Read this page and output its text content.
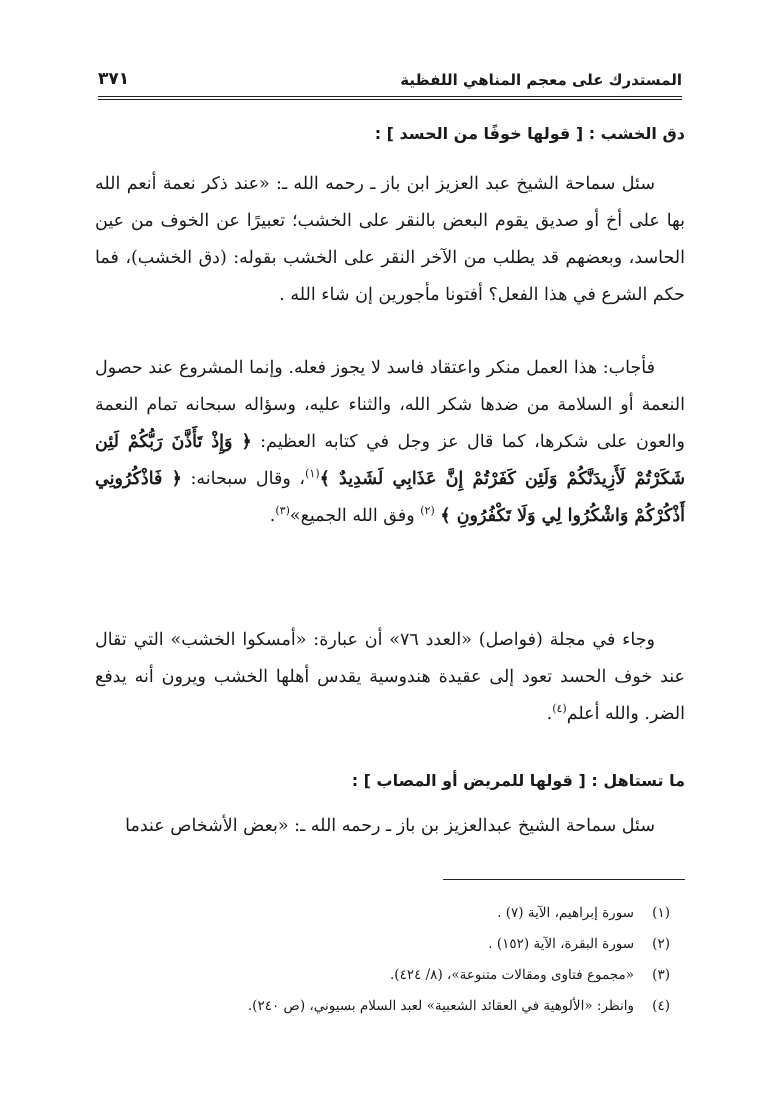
المستدرك على معجم المناهي اللفظية
٣٧١
دق الخشب : [ قولها خوفًا من الحسد ] :

سئل سماحة الشيخ عبد العزيز ابن باز ـ رحمه الله ـ: «عند ذكر نعمة أنعم الله بها على أخ أو صديق يقوم البعض بالنقر على الخشب؛ تعبيرًا عن الخوف من عين الحاسد، وبعضهم قد يطلب من الآخر النقر على الخشب بقوله: (دق الخشب)، فما حكم الشرع في هذا الفعل؟ أفتونا مأجورين إن شاء الله .

فأجاب: هذا العمل منكر واعتقاد فاسد لا يجوز فعله. وإنما المشروع عند حصول النعمة أو السلامة من ضدها شكر الله، والثناء عليه، وسؤاله سبحانه تمام النعمة والعون على شكرها، كما قال عز وجل في كتابه العظيم: ﴿ وَإِذْ تَأَذَّنَ رَبُّكُمْ لَئِن شَكَرْتُمْ لَأَزِيدَنَّكُمْ وَلَئِن كَفَرْتُمْ إِنَّ عَذَابِي لَشَدِيدٌ ﴾$^{(١)}$، وقال سبحانه: ﴿ فَاذْكُرُونِي أَذْكُرْكُمْ وَاشْكُرُوا لِي وَلَا تَكْفُرُونِ ﴾ $^{(٢)}$ وفق الله الجميع»$^{(٣)}$.

وجاء في مجلة (فواصل) «العدد ٧٦» أن عبارة: «أمسكوا الخشب» التي تقال عند خوف الحسد تعود إلى عقيدة هندوسية يقدس أهلها الخشب ويرون أنه يدفع الضر. والله أعلم$^{(٤)}$.

ما تستاهل : [ قولها للمريض أو المصاب ] :

سئل سماحة الشيخ عبدالعزيز بن باز ـ رحمه الله ـ: «بعض الأشخاص عندما

(١)سورة إبراهيم، الآية (٧) .
(٢)سورة البقرة، الآية (١٥٢) .
(٣)«مجموع فتاوى ومقالات متنوعة»، (٨/ ٤٢٤).
(٤)وانظر: «الألوهية في العقائد الشعبية» لعبد السلام بسيوني، (ص ٢٤٠).
